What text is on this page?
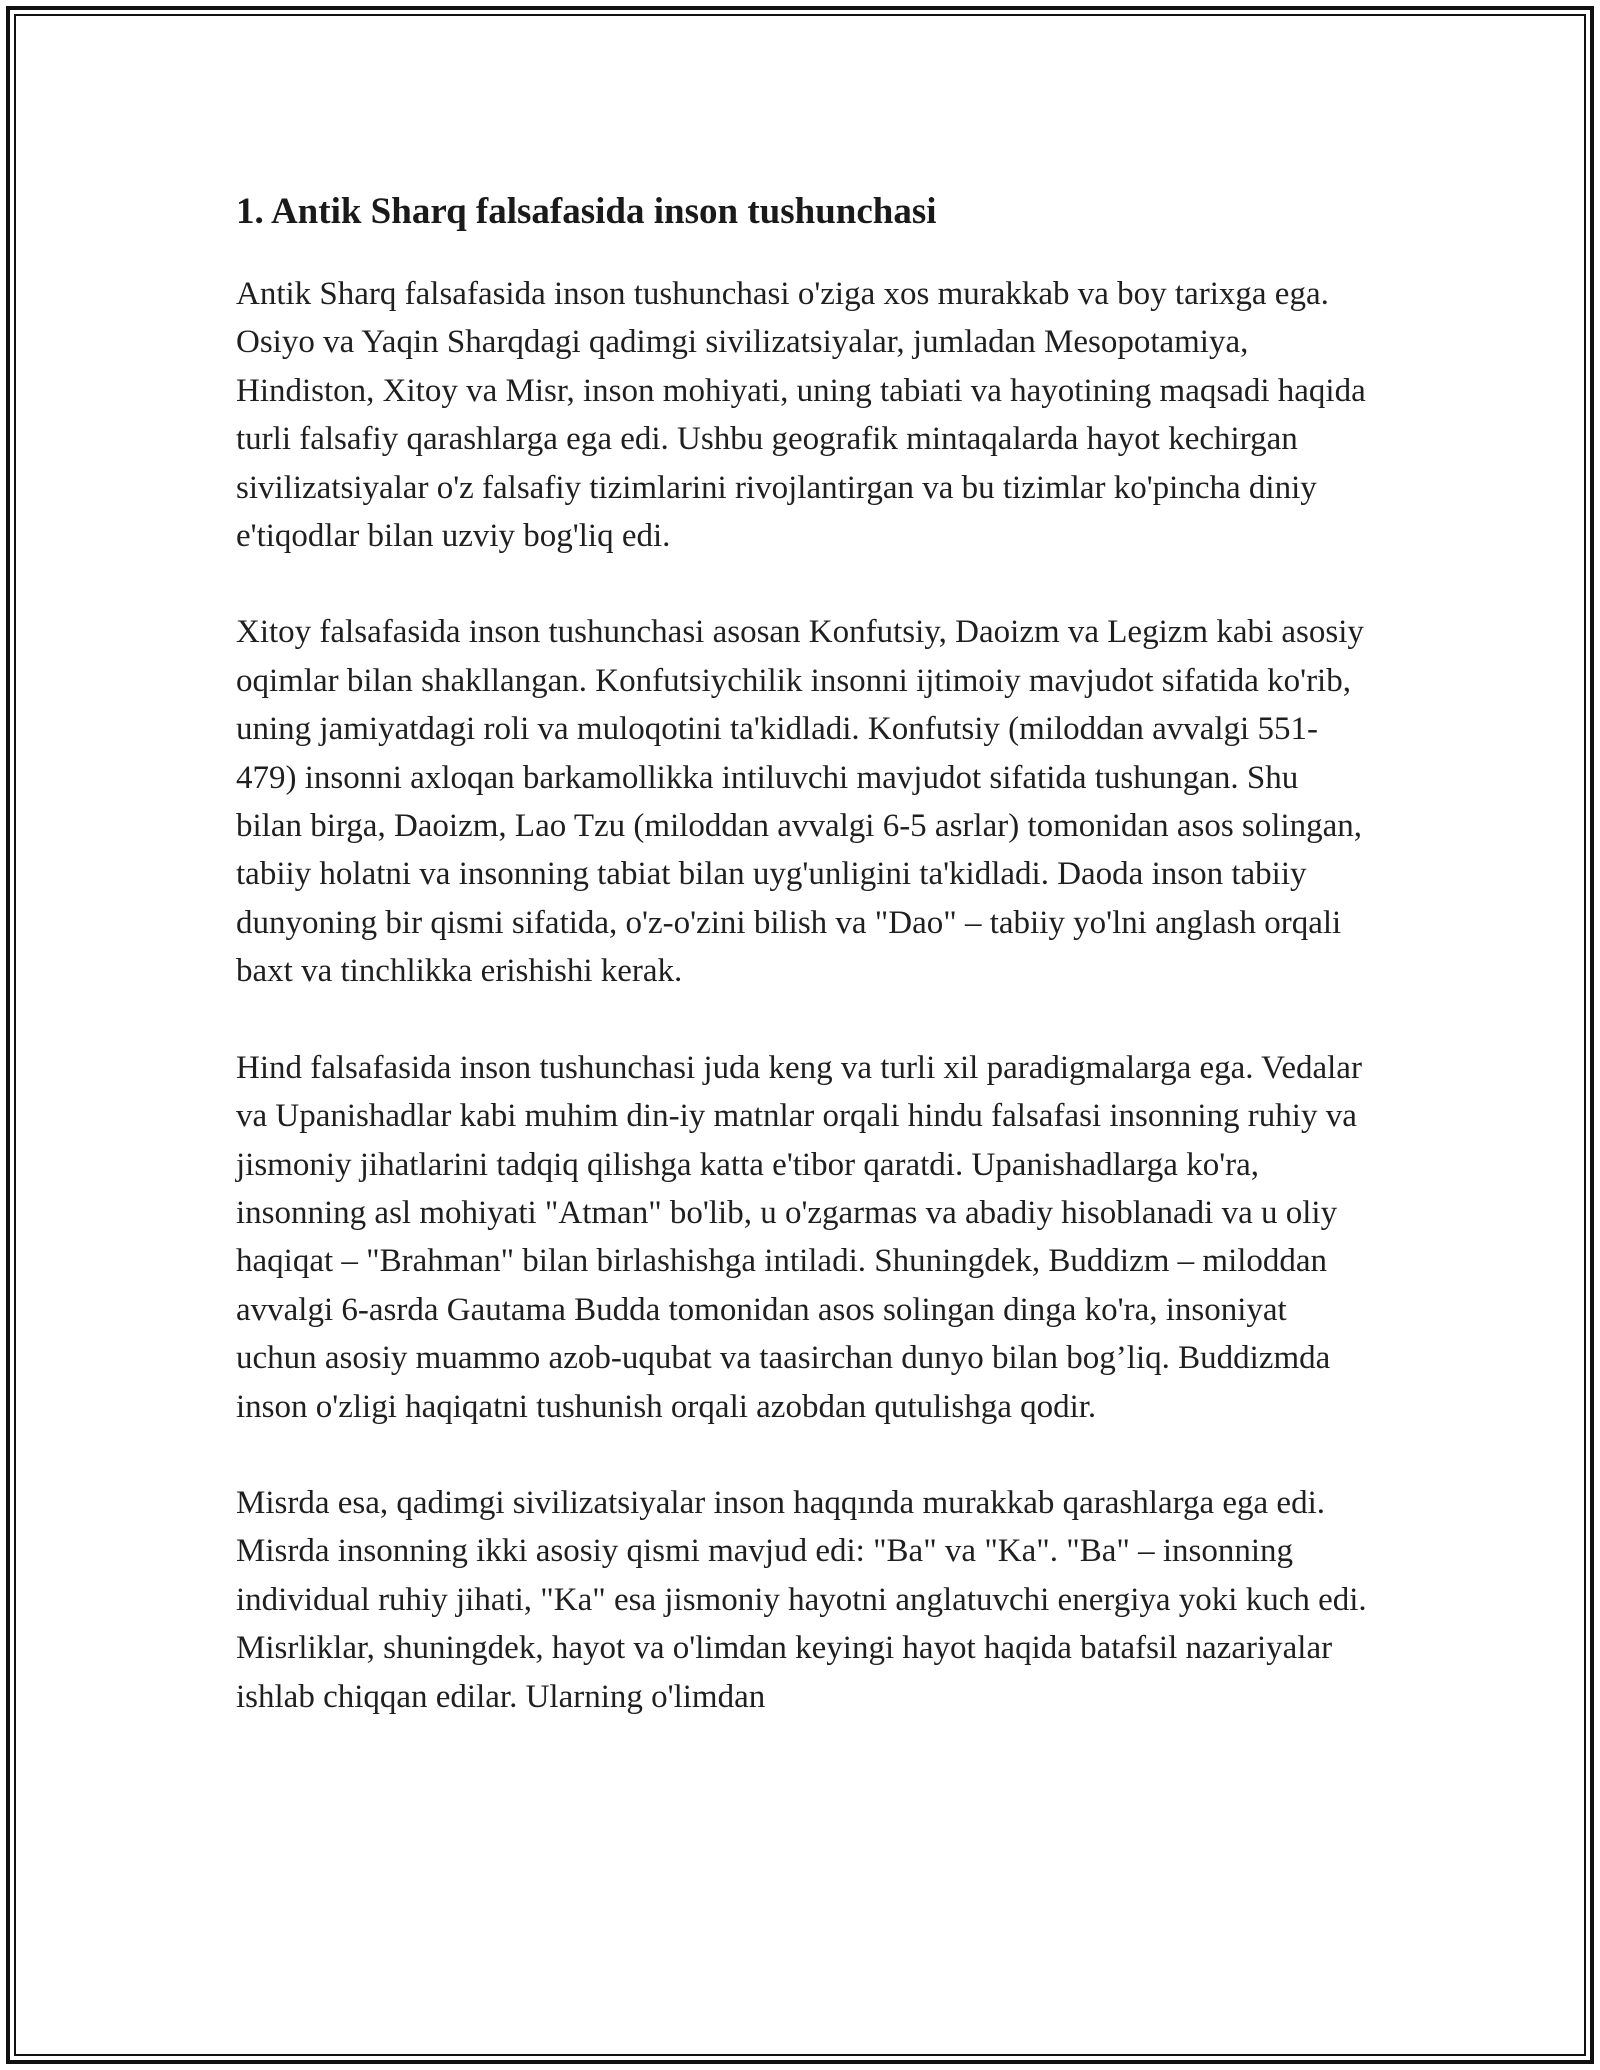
1. Antik Sharq falsafasida inson tushunchasi

Antik Sharq falsafasida inson tushunchasi o'ziga xos murakkab va boy tarixga ega. Osiyo va Yaqin Sharqdagi qadimgi sivilizatsiyalar, jumladan Mesopotamiya, Hindiston, Xitoy va Misr, inson mohiyati, uning tabiati va hayotining maqsadi haqida turli falsafiy qarashlarga ega edi. Ushbu geografik mintaqalarda hayot kechirgan sivilizatsiyalar o'z falsafiy tizimlarini rivojlantirgan va bu tizimlar ko'pincha diniy e'tiqodlar bilan uzviy bog'liq edi.

Xitoy falsafasida inson tushunchasi asosan Konfutsiy, Daoizm va Legizm kabi asosiy oqimlar bilan shakllangan. Konfutsiychilik insonni ijtimoiy mavjudot sifatida ko'rib, uning jamiyatdagi roli va muloqotini ta'kidladi. Konfutsiy (miloddan avvalgi 551-479) insonni axloqan barkamollikka intiluvchi mavjudot sifatida tushungan. Shu bilan birga, Daoizm, Lao Tzu (miloddan avvalgi 6-5 asrlar) tomonidan asos solingan, tabiiy holatni va insonning tabiat bilan uyg'unligini ta'kidladi. Daoda inson tabiiy dunyoning bir qismi sifatida, o'z-o'zini bilish va "Dao" – tabiiy yo'lni anglash orqali baxt va tinchlikka erishishi kerak.

Hind falsafasida inson tushunchasi juda keng va turli xil paradigmalarga ega. Vedalar va Upanishadlar kabi muhim din-iy matnlar orqali hindu falsafasi insonning ruhiy va jismoniy jihatlarini tadqiq qilishga katta e'tibor qaratdi. Upanishadlarga ko'ra, insonning asl mohiyati "Atman" bo'lib, u o'zgarmas va abadiy hisoblanadi va u oliy haqiqat – "Brahman" bilan birlashishga intiladi. Shuningdek, Buddizm – miloddan avvalgi 6-asrda Gautama Budda tomonidan asos solingan dinga ko'ra, insoniyat uchun asosiy muammo azob-uqubat va taasirchan dunyo bilan bog’liq. Buddizmda inson o'zligi haqiqatni tushunish orqali azobdan qutulishga qodir.

Misrda esa, qadimgi sivilizatsiyalar inson haqqında murakkab qarashlarga ega edi. Misrda insonning ikki asosiy qismi mavjud edi: "Ba" va "Ka". "Ba" – insonning individual ruhiy jihati, "Ka" esa jismoniy hayotni anglatuvchi energiya yoki kuch edi. Misrliklar, shuningdek, hayot va o'limdan keyingi hayot haqida batafsil nazariyalar ishlab chiqqan edilar. Ularning o'limdan
